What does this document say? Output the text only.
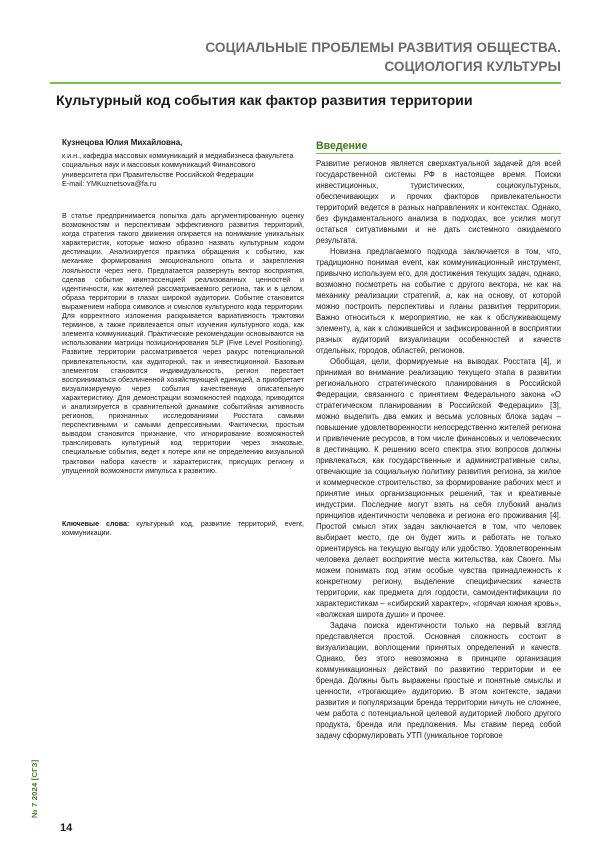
СОЦИАЛЬНЫЕ ПРОБЛЕМЫ РАЗВИТИЯ ОБЩЕСТВА.
СОЦИОЛОГИЯ КУЛЬТУРЫ
Культурный код события как фактор развития территории
Кузнецова Юлия Михайловна,
к.и.н., кафедра массовых коммуникаций и медиабизнеса факультета социальных наук и массовых коммуникаций Финансового университета при Правительстве Российской Федерации
E-mail: YMKuznetsova@fa.ru
В статье предпринимается попытка дать аргументированную оценку возможностям и перспективам эффективного развития территорий, когда стратегия такого движения опирается на понимание уникальных характеристик, которые можно образно назвать культурным кодом дестинации. Анализируется практика обращения к событию, как механике формирования эмоционального опыта и закрепления лояльности через него. Предлагается развернуть вектор восприятия, сделав событие квинтэссенцией реализованных ценностей и идентичности, как жителей рассматриваемого региона, так и в целом, образа территории в глазах широкой аудитории. Событие становится выражением набора символов и смыслов культурного кода территории. Для корректного изложения раскрывается вариативность трактовки терминов, а также привлекается опыт изучения культурного кода, как элемента коммуникаций. Практические рекомендации основываются на использовании матрицы позиционирования 5LP (Five Level Positioning). Развитие территории рассматривается через ракурс потенциальной привлекательности, как аудиторной, так и инвестиционной. Базовым элементом становится индивидуальность, регион перестает восприниматься обезличенной хозяйствующей единицей, а приобретает визуализируемую через события качественную описательную характеристику. Для демонстрации возможностей подхода, приводится и анализируется в сравнительной динамике событийная активность регионов, признанных исследованиями Росстата самыми перспективными и самыми депрессивными. Фактически, простым выводом становится признание, что игнорирование возможностей транслировать культурный код территории через знаковые, специальные события, ведет к потере или не определению визуальной трактовки набора качеств и характеристик, присущих региону и упущенной возможности импульса к развитию.
Ключевые слова: культурный код, развитие территорий, event, коммуникации.
Введение

Развитие регионов является сверхактуальной задачей для всей государственной системы РФ в настоящее время. Поиски инвестиционных, туристических, социокультурных, обеспечивающих и прочих факторов привлекательности территорий ведется в разных направлениях и контекстах. Однако, без фундаментального анализа в подходах, все усилия могут остаться ситуативными и не дать системного ожидаемого результата.

Новизна предлагаемого подхода заключается в том, что, традиционно понимая event, как коммуникационный инструмент, привычно используем его, для достижения текущих задач, однако, возможно посмотреть на событие с другого вектора, не как на механику реализации стратегий, а, как на основу, от которой можно построить перспективы и планы развития территории. Важно относиться к мероприятию, не как к обслуживающему элементу, а, как к сложившейся и зафиксированной в восприятии разных аудиторий визуализации особенностей и качеств отдельных, городов, областей, регионов.

Обобщая, цели, формируемые на выводах Росстата [4], и принимая во внимание реализацию текущего этапа в развитии регионального стратегического планирования в Российской Федерации, связанного с принятием Федерального закона «О стратегическом планировании в Российской Федерации» [3], можно выделить два емких и весьма условных блока задач – повышение удовлетворенности непосредственно жителей региона и привлечение ресурсов, в том числе финансовых и человеческих в дестинацию. К решению всего спектра этих вопросов должны привлекаться, как государственные и административные силы, отвечающие за социальную политику развития региона, за жилое и коммерческое строительство, за формирование рабочих мест и принятие иных организационных решений, так и креативные индустрии. Последние могут взять на себя глубокий анализ принципов идентичности человека и региона его проживания [4]. Простой смысл этих задач заключается в том, что человек выбирает место, где он будет жить и работать не только ориентируясь на текущую выгоду или удобство. Удовлетворенным человека делает восприятие места жительства, как Своего. Мы можем понимать под этим особые чувства принадлежность к конкретному региону, выделение специфических качеств территории, как предмета для гордости, самоидентификации по характеристикам – «сибирский характер», «горячая южная кровь», «волжская широта души» и прочее.

Задача поиска идентичности только на первый взгляд представляется простой. Основная сложность состоит в визуализации, воплощении принятых определений и качеств. Однако, без этого невозможна в принципе организация коммуникационных действий по развитию территории и ее бренда. Должны быть выражены простые и понятные смыслы и ценности, «трогающие» аудиторию. В этом контексте, задачи развития и популяризации бренда территории ничуть не сложнее, чем работа с потенциальной целевой аудиторией любого другого продукта, бренда или предложения. Мы ставим перед собой задачу сформулировать УТП (уникальное торговое

№ 7 2024 [СГЗ]
14
